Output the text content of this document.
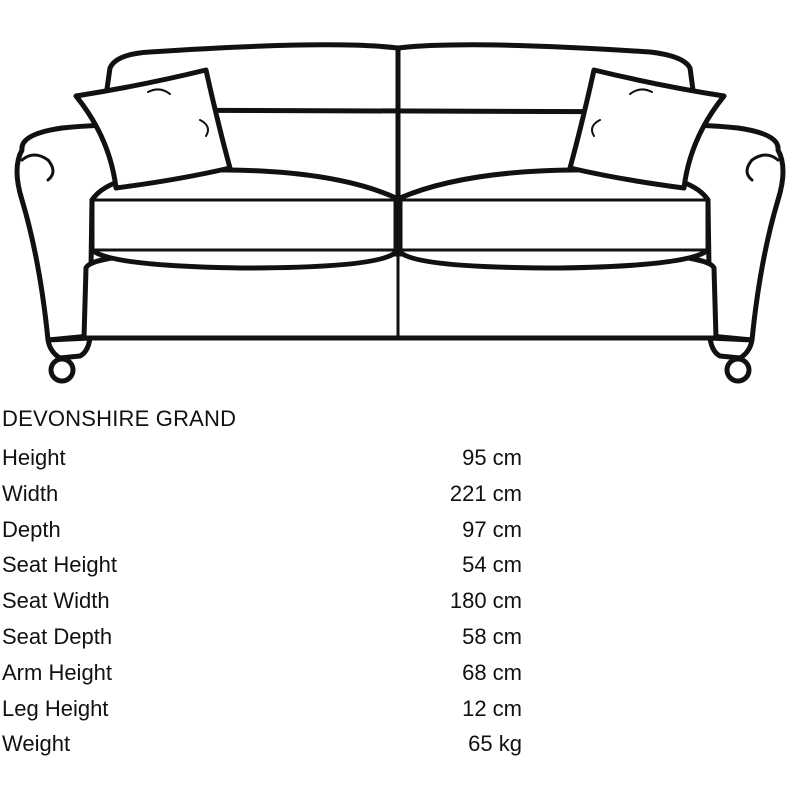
DEVONSHIRE GRAND
Height	95 cm
Width	221 cm
Depth	97 cm
Seat Height	54 cm
Seat Width	180 cm
Seat Depth	58 cm
Arm Height	68 cm
Leg Height	12 cm
Weight	65 kg
